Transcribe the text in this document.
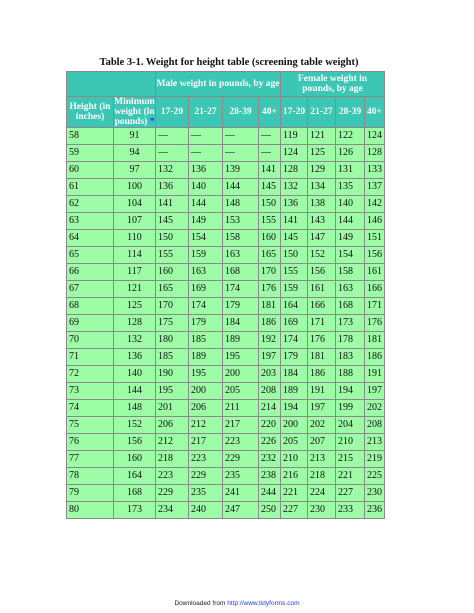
Table 3-1. Weight for height table (screening table weight)
		Male weight in pounds, by age				Female weight in pounds, by age			
Height (in inches)	Minimum weight (in pounds) *	17-20	21-27	28-39	40+	17-20	21-27	28-39	40+

58	91	—	—	—	—	119	121	122	124
59	94	—	—	—	—	124	125	126	128
60	97	132	136	139	141	128	129	131	133
61	100	136	140	144	145	132	134	135	137
62	104	141	144	148	150	136	138	140	142
63	107	145	149	153	155	141	143	144	146
64	110	150	154	158	160	145	147	149	151
65	114	155	159	163	165	150	152	154	156
66	117	160	163	168	170	155	156	158	161
67	121	165	169	174	176	159	161	163	166
68	125	170	174	179	181	164	166	168	171
69	128	175	179	184	186	169	171	173	176
70	132	180	185	189	192	174	176	178	181
71	136	185	189	195	197	179	181	183	186
72	140	190	195	200	203	184	186	188	191
73	144	195	200	205	208	189	191	194	197
74	148	201	206	211	214	194	197	199	202
75	152	206	212	217	220	200	202	204	208
76	156	212	217	223	226	205	207	210	213
77	160	218	223	229	232	210	213	215	219
78	164	223	229	235	238	216	218	221	225
79	168	229	235	241	244	221	224	227	230
80	173	234	240	247	250	227	230	233	236
Downloaded from http://www.tidyforms.com
